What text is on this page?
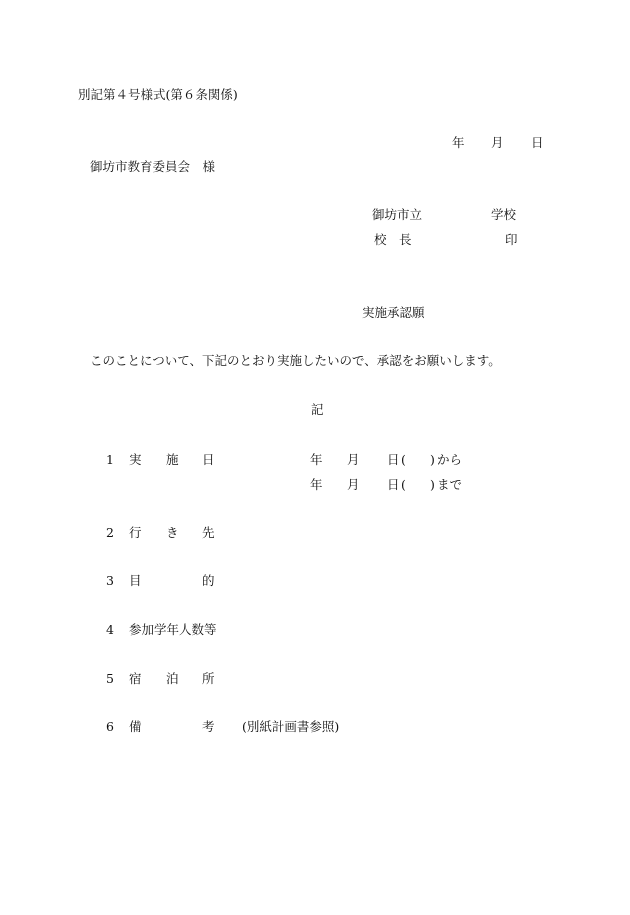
別記第４号様式(第６条関係)
年 月 日
御坊市教育委員会　様
御坊市立	学校
校　長	印
実施承認願
このことについて、下記のとおり実施したいので、承認をお願いします。
記
1 実 施 日	年 月 日 ( ) から
年 月 日 ( ) まで
2 行 き 先
3 目	的
4 参加学年人数等
5 宿 泊 所
6 備	考 (別紙計画書参照)
